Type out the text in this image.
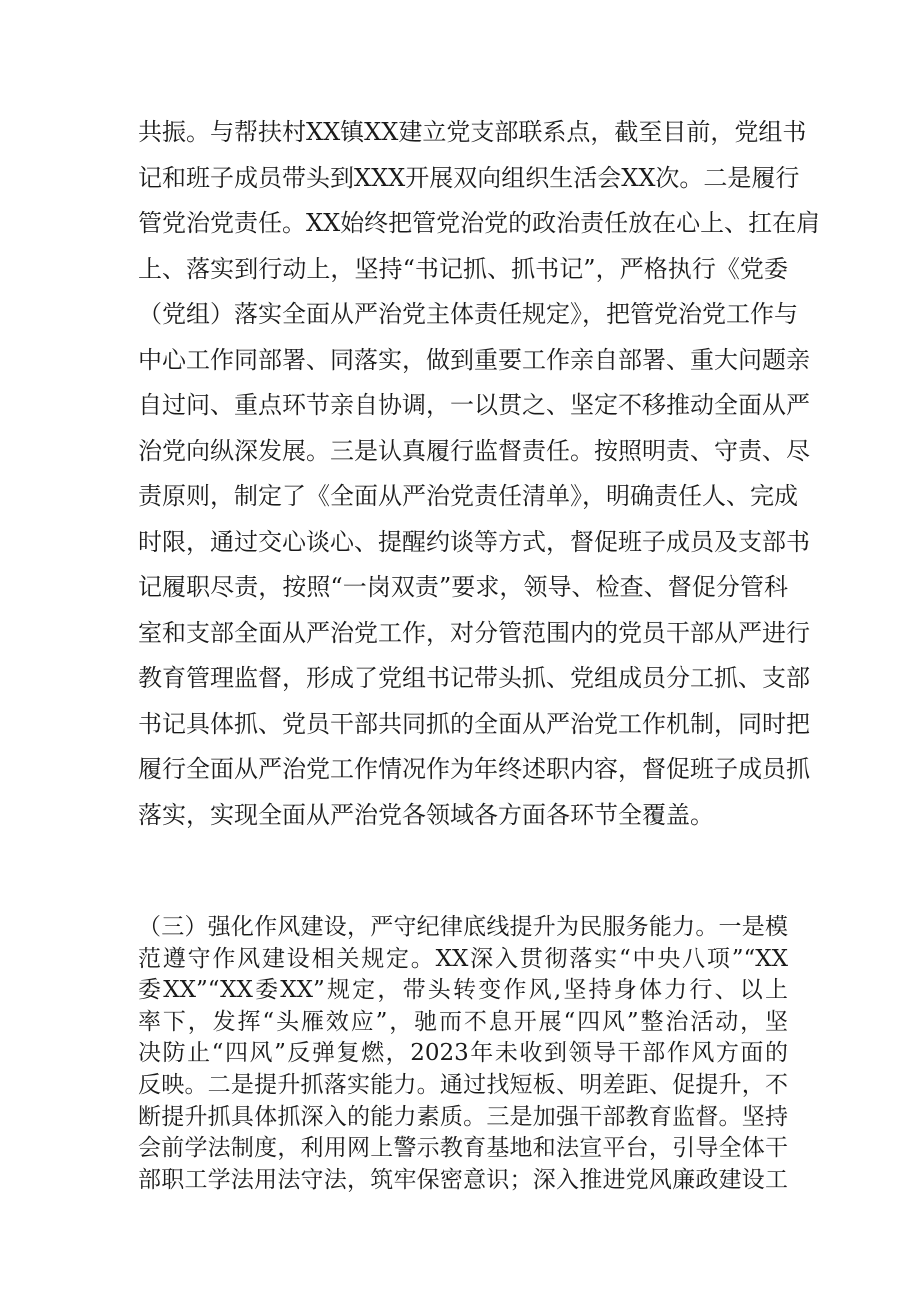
共振。与帮扶村XX镇XX建立党支部联系点，截至目前，党组书
记和班子成员带头到XXX开展双向组织生活会XX次。二是履行
管党治党责任。XX始终把管党治党的政治责任放在心上、扛在肩
上、落实到行动上，坚持“书记抓、抓书记”，严格执行《党委
（党组）落实全面从严治党主体责任规定》，把管党治党工作与
中心工作同部署、同落实，做到重要工作亲自部署、重大问题亲
自过问、重点环节亲自协调，一以贯之、坚定不移推动全面从严
治党向纵深发展。三是认真履行监督责任。按照明责、守责、尽
责原则，制定了《全面从严治党责任清单》，明确责任人、完成
时限，通过交心谈心、提醒约谈等方式，督促班子成员及支部书
记履职尽责，按照“一岗双责”要求，领导、检查、督促分管科
室和支部全面从严治党工作，对分管范围内的党员干部从严进行
教育管理监督，形成了党组书记带头抓、党组成员分工抓、支部
书记具体抓、党员干部共同抓的全面从严治党工作机制，同时把
履行全面从严治党工作情况作为年终述职内容，督促班子成员抓
落实，实现全面从严治党各领域各方面各环节全覆盖。
（三）强化作风建设，严守纪律底线提升为民服务能力。一是模
范遵守作风建设相关规定。XX深入贯彻落实“中央八项”“XX
委XX”“XX委XX”规定，带头转变作风,坚持身体力行、以上
率下，发挥“头雁效应”，驰而不息开展“四风”整治活动，坚
决防止“四风”反弹复燃，2023年未收到领导干部作风方面的
反映。二是提升抓落实能力。通过找短板、明差距、促提升，不
断提升抓具体抓深入的能力素质。三是加强干部教育监督。坚持
会前学法制度，利用网上警示教育基地和法宣平台，引导全体干
部职工学法用法守法，筑牢保密意识；深入推进党风廉政建设工
